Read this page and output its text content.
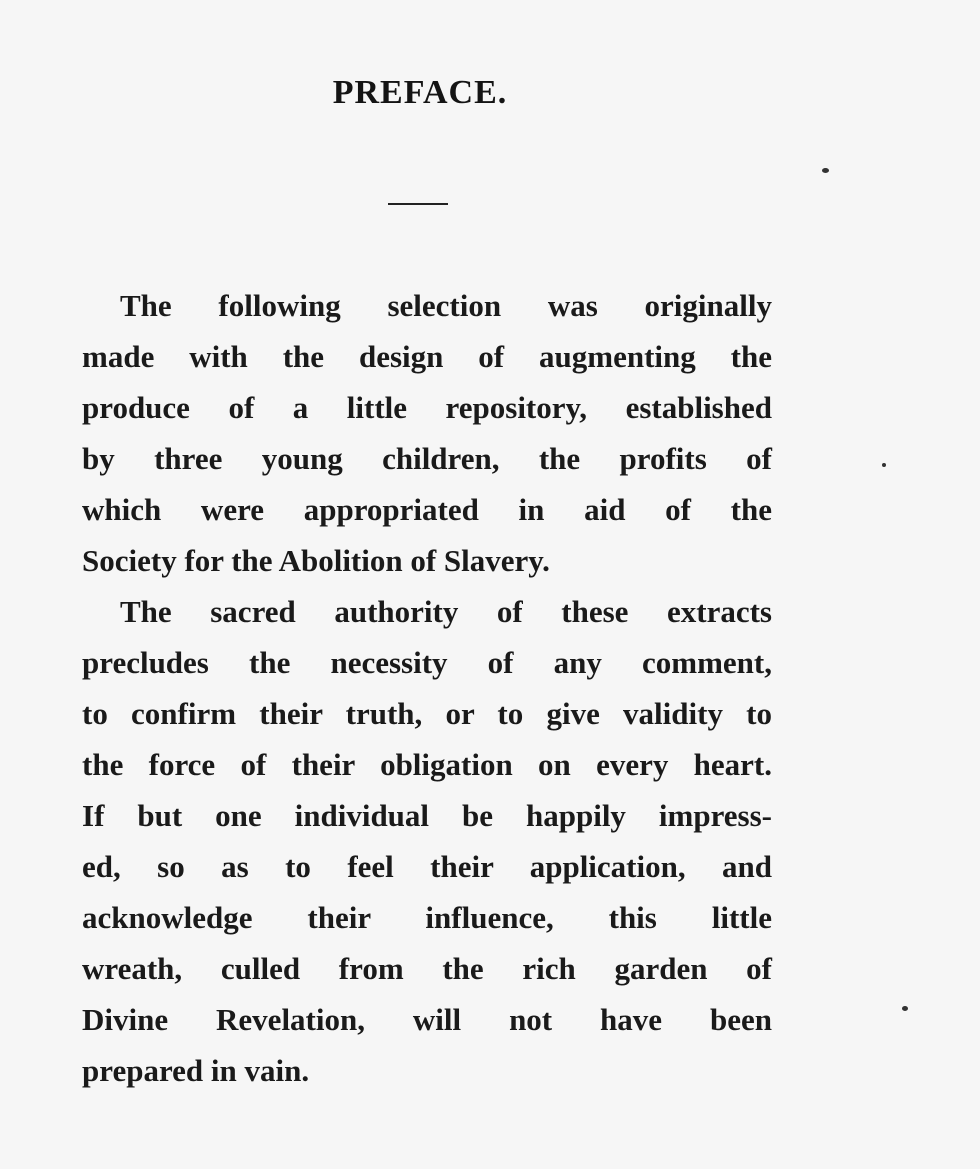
PREFACE.
The following selection was originally
made with the design of augmenting the
produce of a little repository, established
by three young children, the profits of
which were appropriated in aid of the
Society for the Abolition of Slavery.
The sacred authority of these extracts
precludes the necessity of any comment,
to confirm their truth, or to give validity to
the force of their obligation on every heart.
If but one individual be happily impress-
ed, so as to feel their application, and
acknowledge their influence, this little
wreath, culled from the rich garden of
Divine Revelation, will not have been
prepared in vain.
